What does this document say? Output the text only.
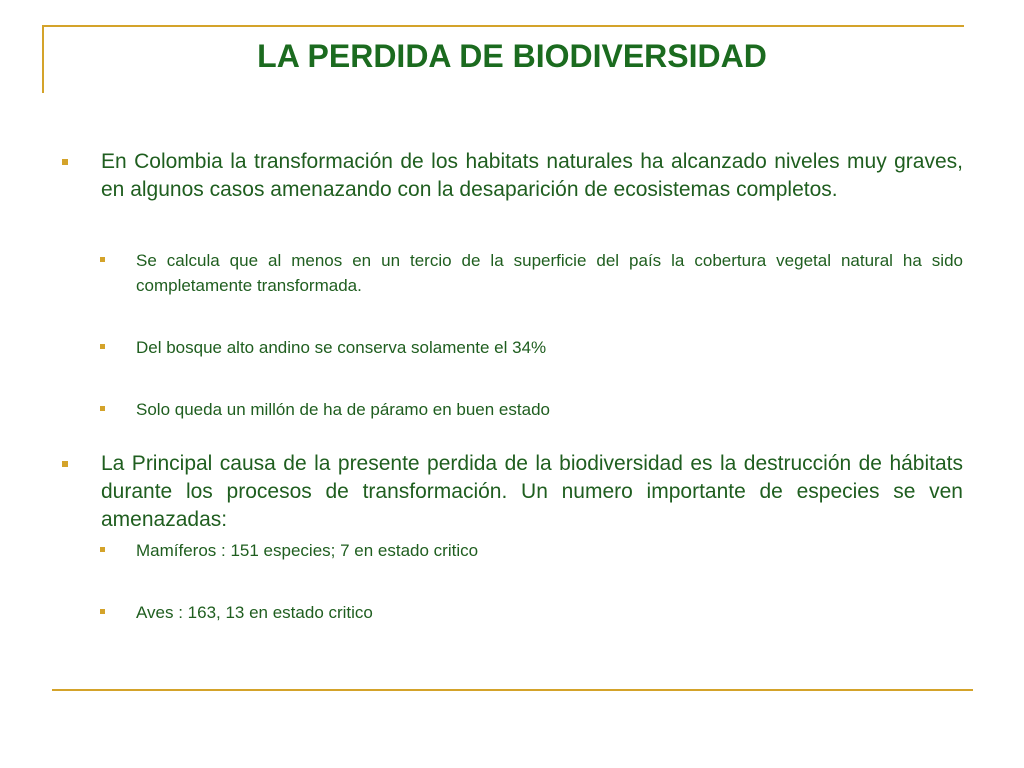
LA PERDIDA DE BIODIVERSIDAD
En Colombia la transformación de los habitats naturales ha alcanzado niveles muy graves, en algunos casos amenazando con la desaparición de ecosistemas completos.
Se calcula que al menos en un tercio de la superficie del país la cobertura vegetal natural ha sido completamente transformada.
Del bosque alto andino se conserva solamente el 34%
Solo queda un millón de ha de páramo en buen estado
La Principal causa de la presente perdida de la biodiversidad es la destrucción de hábitats durante los procesos de transformación. Un numero importante de especies se ven amenazadas:
Mamíferos : 151 especies; 7 en estado critico
Aves : 163, 13 en estado critico
